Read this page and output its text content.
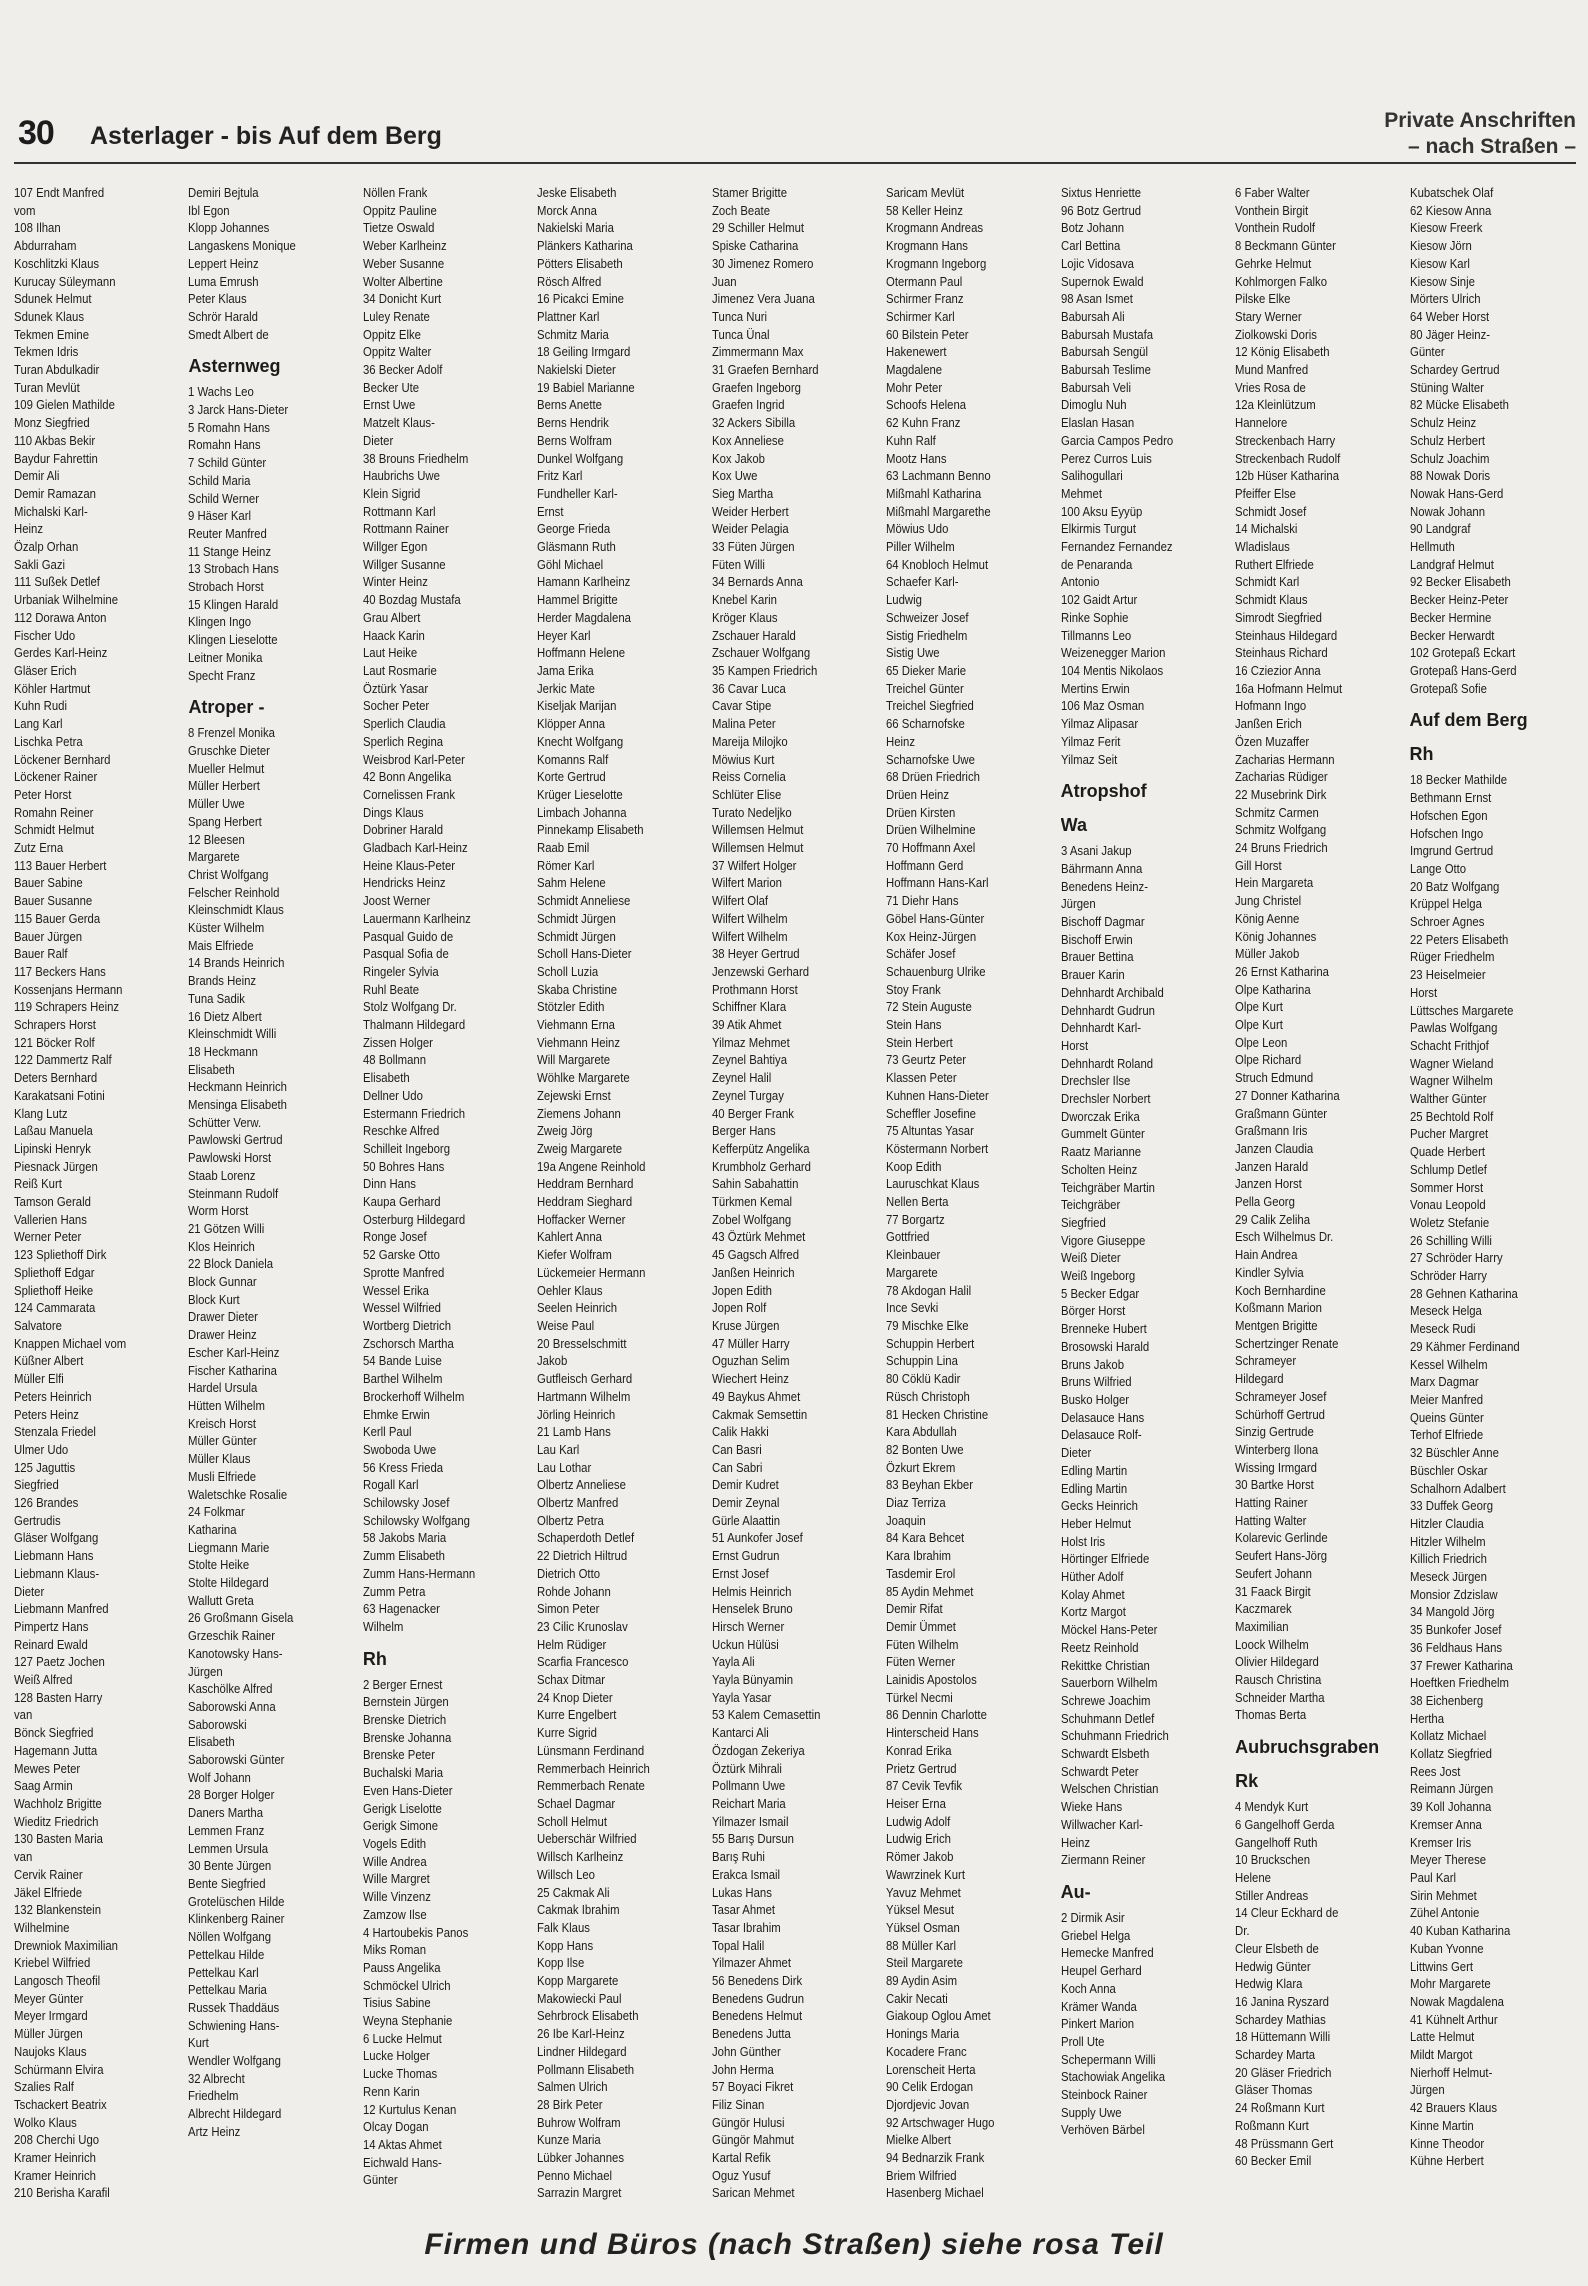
30 Asterlager - bis Auf dem Berg
Private Anschriften
– nach Straßen –
107 Endt Manfred
vom
108 Ilhan
Abdurraham
Koschlitzki Klaus
Kurucay Süleymann
Sdunek Helmut
Sdunek Klaus
Tekmen Emine
Tekmen Idris
Turan Abdulkadir
Turan Mevlüt
109 Gielen Mathilde
Monz Siegfried
110 Akbas Bekir
Baydur Fahrettin
Demir Ali
Demir Ramazan
Michalski Karl-
Heinz
Özalp Orhan
Sakli Gazi
111 Sußek Detlef
Urbaniak Wilhelmine
112 Dorawa Anton
Fischer Udo
Gerdes Karl-Heinz
Gläser Erich
Köhler Hartmut
Kuhn Rudi
Lang Karl
Lischka Petra
Löckener Bernhard
Löckener Rainer
Peter Horst
Romahn Reiner
Schmidt Helmut
Zutz Erna
113 Bauer Herbert
Bauer Sabine
Bauer Susanne
115 Bauer Gerda
Bauer Jürgen
Bauer Ralf
117 Beckers Hans
Kossenjans Hermann
119 Schrapers Heinz
Schrapers Horst
121 Böcker Rolf
122 Dammertz Ralf
Deters Bernhard
Karakatsani Fotini
Klang Lutz
Laßau Manuela
Lipinski Henryk
Piesnack Jürgen
Reiß Kurt
Tamson Gerald
Vallerien Hans
Werner Peter
123 Spliethoff Dirk
Spliethoff Edgar
Spliethoff Heike
124 Cammarata
Salvatore
Knappen Michael vom
Küßner Albert
Müller Elfi
Peters Heinrich
Peters Heinz
Stenzala Friedel
Ulmer Udo
125 Jaguttis
Siegfried
126 Brandes
Gertrudis
Gläser Wolfgang
Liebmann Hans
Liebmann Klaus-
Dieter
Liebmann Manfred
Pimpertz Hans
Reinard Ewald
127 Paetz Jochen
Weiß Alfred
128 Basten Harry
van
Bönck Siegfried
Hagemann Jutta
Mewes Peter
Saag Armin
Wachholz Brigitte
Wieditz Friedrich
130 Basten Maria
van
Cervik Rainer
Jäkel Elfriede
132 Blankenstein
Wilhelmine
Drewniok Maximilian
Kriebel Wilfried
Langosch Theofil
Meyer Günter
Meyer Irmgard
Müller Jürgen
Naujoks Klaus
Schürmann Elvira
Szalies Ralf
Tschackert Beatrix
Wolko Klaus
208 Cherchi Ugo
Kramer Heinrich
Kramer Heinrich
210 Berisha Karafil
Demiri Bejtula
Ibl Egon
Klopp Johannes
Langaskens Monique
Leppert Heinz
Luma Emrush
Peter Klaus
Schrör Harald
Smedt Albert de
Asternweg
1 Wachs Leo
3 Jarck Hans-Dieter
5 Romahn Hans
Romahn Hans
7 Schild Günter
Schild Maria
Schild Werner
9 Häser Karl
Reuter Manfred
11 Stange Heinz
13 Strobach Hans
Strobach Horst
15 Klingen Harald
Klingen Ingo
Klingen Lieselotte
Leitner Monika
Specht Franz
Atroper -
8 Frenzel Monika
Gruschke Dieter
Mueller Helmut
Müller Herbert
Müller Uwe
Spang Herbert
12 Bleesen
Margarete
Christ Wolfgang
Felscher Reinhold
Kleinschmidt Klaus
Küster Wilhelm
Mais Elfriede
14 Brands Heinrich
Brands Heinz
Tuna Sadik
16 Dietz Albert
Kleinschmidt Willi
18 Heckmann
Elisabeth
Heckmann Heinrich
Mensinga Elisabeth
Schütter Verw.
Pawlowski Gertrud
Pawlowski Horst
Staab Lorenz
Steinmann Rudolf
Worm Horst
21 Götzen Willi
Klos Heinrich
22 Block Daniela
Block Gunnar
Block Kurt
Drawer Dieter
Drawer Heinz
Escher Karl-Heinz
Fischer Katharina
Hardel Ursula
Hütten Wilhelm
Kreisch Horst
Müller Günter
Müller Klaus
Musli Elfriede
Waletschke Rosalie
24 Folkmar
Katharina
Liegmann Marie
Stolte Heike
Stolte Hildegard
Wallutt Greta
26 Großmann Gisela
Grzeschik Rainer
Kanotowsky Hans-
Jürgen
Kaschölke Alfred
Saborowski Anna
Saborowski
Elisabeth
Saborowski Günter
Wolf Johann
28 Borger Holger
Daners Martha
Lemmen Franz
Lemmen Ursula
30 Bente Jürgen
Bente Siegfried
Grotelüschen Hilde
Klinkenberg Rainer
Nöllen Wolfgang
Pettelkau Hilde
Pettelkau Karl
Pettelkau Maria
Russek Thaddäus
Schwiening Hans-
Kurt
Wendler Wolfgang
32 Albrecht
Friedhelm
Albrecht Hildegard
Artz Heinz
Nöllen Frank
Oppitz Pauline
Tietze Oswald
Weber Karlheinz
Weber Susanne
Wolter Albertine
34 Donicht Kurt
Luley Renate
Oppitz Elke
Oppitz Walter
36 Becker Adolf
Becker Ute
Ernst Uwe
Matzelt Klaus-
Dieter
38 Brouns Friedhelm
Haubrichs Uwe
Klein Sigrid
Rottmann Karl
Rottmann Rainer
Willger Egon
Willger Susanne
Winter Heinz
40 Bozdag Mustafa
Grau Albert
Haack Karin
Laut Heike
Laut Rosmarie
Öztürk Yasar
Socher Peter
Sperlich Claudia
Sperlich Regina
Weisbrod Karl-Peter
42 Bonn Angelika
Cornelissen Frank
Dings Klaus
Dobriner Harald
Gladbach Karl-Heinz
Heine Klaus-Peter
Hendricks Heinz
Joost Werner
Lauermann Karlheinz
Pasqual Guido de
Pasqual Sofia de
Ringeler Sylvia
Ruhl Beate
Stolz Wolfgang Dr.
Thalmann Hildegard
Zissen Holger
48 Bollmann
Elisabeth
Dellner Udo
Estermann Friedrich
Reschke Alfred
Schilleit Ingeborg
50 Bohres Hans
Dinn Hans
Kaupa Gerhard
Osterburg Hildegard
Ronge Josef
52 Garske Otto
Sprotte Manfred
Wessel Erika
Wessel Wilfried
Wortberg Dietrich
Zschorsch Martha
54 Bande Luise
Barthel Wilhelm
Brockerhoff Wilhelm
Ehmke Erwin
Kerll Paul
Swoboda Uwe
56 Kress Frieda
Rogall Karl
Schilowsky Josef
Schilowsky Wolfgang
58 Jakobs Maria
Zumm Elisabeth
Zumm Hans-Hermann
Zumm Petra
63 Hagenacker
Wilhelm
Rh
2 Berger Ernest
Bernstein Jürgen
Brenske Dietrich
Brenske Johanna
Brenske Peter
Buchalski Maria
Even Hans-Dieter
Gerigk Liselotte
Gerigk Simone
Vogels Edith
Wille Andrea
Wille Margret
Wille Vinzenz
Zamzow Ilse
4 Hartoubekis Panos
Miks Roman
Pauss Angelika
Schmöckel Ulrich
Tisius Sabine
Weyna Stephanie
6 Lucke Helmut
Lucke Holger
Lucke Thomas
Renn Karin
12 Kurtulus Kenan
Olcay Dogan
14 Aktas Ahmet
Eichwald Hans-
Günter
Jeske Elisabeth
Morck Anna
Nakielski Maria
Plänkers Katharina
Pötters Elisabeth
Rösch Alfred
16 Picakci Emine
Plattner Karl
Schmitz Maria
18 Geiling Irmgard
Nakielski Dieter
19 Babiel Marianne
Berns Anette
Berns Hendrik
Berns Wolfram
Dunkel Wolfgang
Fritz Karl
Fundheller Karl-
Ernst
George Frieda
Gläsmann Ruth
Göhl Michael
Hamann Karlheinz
Hammel Brigitte
Herder Magdalena
Heyer Karl
Hoffmann Helene
Jama Erika
Jerkic Mate
Kiseljak Marijan
Klöpper Anna
Knecht Wolfgang
Komanns Ralf
Korte Gertrud
Krüger Lieselotte
Limbach Johanna
Pinnekamp Elisabeth
Raab Emil
Römer Karl
Sahm Helene
Schmidt Anneliese
Schmidt Jürgen
Schmidt Jürgen
Scholl Hans-Dieter
Scholl Luzia
Skaba Christine
Stötzler Edith
Viehmann Erna
Viehmann Heinz
Will Margarete
Wöhlke Margarete
Zejewski Ernst
Ziemens Johann
Zweig Jörg
Zweig Margarete
19a Angene Reinhold
Heddram Bernhard
Heddram Sieghard
Hoffacker Werner
Kahlert Anna
Kiefer Wolfram
Lückemeier Hermann
Oehler Klaus
Seelen Heinrich
Weise Paul
20 Bresselschmitt
Jakob
Gutfleisch Gerhard
Hartmann Wilhelm
Jörling Heinrich
21 Lamb Hans
Lau Karl
Lau Lothar
Olbertz Anneliese
Olbertz Manfred
Olbertz Petra
Schaperdoth Detlef
22 Dietrich Hiltrud
Dietrich Otto
Rohde Johann
Simon Peter
23 Cilic Krunoslav
Helm Rüdiger
Scarfia Francesco
Schax Ditmar
24 Knop Dieter
Kurre Engelbert
Kurre Sigrid
Lünsmann Ferdinand
Remmerbach Heinrich
Remmerbach Renate
Schael Dagmar
Scholl Helmut
Ueberschär Wilfried
Willsch Karlheinz
Willsch Leo
25 Cakmak Ali
Cakmak Ibrahim
Falk Klaus
Kopp Hans
Kopp Ilse
Kopp Margarete
Makowiecki Paul
Sehrbrock Elisabeth
26 Ibe Karl-Heinz
Lindner Hildegard
Pollmann Elisabeth
Salmen Ulrich
28 Birk Peter
Buhrow Wolfram
Kunze Maria
Lübker Johannes
Penno Michael
Sarrazin Margret
Stamer Brigitte
Zoch Beate
29 Schiller Helmut
Spiske Catharina
30 Jimenez Romero
Juan
Jimenez Vera Juana
Tunca Nuri
Tunca Ünal
Zimmermann Max
31 Graefen Bernhard
Graefen Ingeborg
Graefen Ingrid
32 Ackers Sibilla
Kox Anneliese
Kox Jakob
Kox Uwe
Sieg Martha
Weider Herbert
Weider Pelagia
33 Füten Jürgen
Füten Willi
34 Bernards Anna
Knebel Karin
Kröger Klaus
Zschauer Harald
Zschauer Wolfgang
35 Kampen Friedrich
36 Cavar Luca
Cavar Stipe
Malina Peter
Mareija Milojko
Möwius Kurt
Reiss Cornelia
Schlüter Elise
Turato Nedeljko
Willemsen Helmut
Willemsen Helmut
37 Wilfert Holger
Wilfert Marion
Wilfert Olaf
Wilfert Wilhelm
Wilfert Wilhelm
38 Heyer Gertrud
Jenzewski Gerhard
Prothmann Horst
Schiffner Klara
39 Atik Ahmet
Yilmaz Mehmet
Zeynel Bahtiya
Zeynel Halil
Zeynel Turgay
40 Berger Frank
Berger Hans
Kefferpütz Angelika
Krumbholz Gerhard
Sahin Sabahattin
Türkmen Kemal
Zobel Wolfgang
43 Öztürk Mehmet
45 Gagsch Alfred
Janßen Heinrich
Jopen Edith
Jopen Rolf
Kruse Jürgen
47 Müller Harry
Oguzhan Selim
Wiechert Heinz
49 Baykus Ahmet
Cakmak Semsettin
Calik Hakki
Can Basri
Can Sabri
Demir Kudret
Demir Zeynal
Gürle Alaattin
51 Aunkofer Josef
Ernst Gudrun
Ernst Josef
Helmis Heinrich
Henselek Bruno
Hirsch Werner
Uckun Hülüsi
Yayla Ali
Yayla Bünyamin
Yayla Yasar
53 Kalem Cemasettin
Kantarci Ali
Özdogan Zekeriya
Öztürk Mihrali
Pollmann Uwe
Reichart Maria
Yilmazer Ismail
55 Barış Dursun
Barış Ruhi
Erakca Ismail
Lukas Hans
Tasar Ahmet
Tasar Ibrahim
Topal Halil
Yilmazer Ahmet
56 Benedens Dirk
Benedens Gudrun
Benedens Helmut
Benedens Jutta
John Günther
John Herma
57 Boyaci Fikret
Filiz Sinan
Güngör Hulusi
Güngör Mahmut
Kartal Refik
Oguz Yusuf
Sarican Mehmet
Saricam Mevlüt
58 Keller Heinz
Krogmann Andreas
Krogmann Hans
Krogmann Ingeborg
Otermann Paul
Schirmer Franz
Schirmer Karl
60 Bilstein Peter
Hakenewert
Magdalene
Mohr Peter
Schoofs Helena
62 Kuhn Franz
Kuhn Ralf
Mootz Hans
63 Lachmann Benno
Mißmahl Katharina
Mißmahl Margarethe
Möwius Udo
Piller Wilhelm
64 Knobloch Helmut
Schaefer Karl-
Ludwig
Schweizer Josef
Sistig Friedhelm
Sistig Uwe
65 Dieker Marie
Treichel Günter
Treichel Siegfried
66 Scharnofske
Heinz
Scharnofske Uwe
68 Drüen Friedrich
Drüen Heinz
Drüen Kirsten
Drüen Wilhelmine
70 Hoffmann Axel
Hoffmann Gerd
Hoffmann Hans-Karl
71 Diehr Hans
Göbel Hans-Günter
Kox Heinz-Jürgen
Schäfer Josef
Schauenburg Ulrike
Stoy Frank
72 Stein Auguste
Stein Hans
Stein Herbert
73 Geurtz Peter
Klassen Peter
Kuhnen Hans-Dieter
Scheffler Josefine
75 Altuntas Yasar
Köstermann Norbert
Koop Edith
Lauruschkat Klaus
Nellen Berta
77 Borgartz
Gottfried
Kleinbauer
Margarete
78 Akdogan Halil
Ince Sevki
79 Mischke Elke
Schuppin Herbert
Schuppin Lina
80 Cöklü Kadir
Rüsch Christoph
81 Hecken Christine
Kara Abdullah
82 Bonten Uwe
Özkurt Ekrem
83 Beyhan Ekber
Diaz Terriza
Joaquin
84 Kara Behcet
Kara Ibrahim
Tasdemir Erol
85 Aydin Mehmet
Demir Rifat
Demir Ümmet
Füten Wilhelm
Füten Werner
Lainidis Apostolos
Türkel Necmi
86 Dennin Charlotte
Hinterscheid Hans
Konrad Erika
Prietz Gertrud
87 Cevik Tevfik
Heiser Erna
Ludwig Adolf
Ludwig Erich
Römer Jakob
Wawrzinek Kurt
Yavuz Mehmet
Yüksel Mesut
Yüksel Osman
88 Müller Karl
Steil Margarete
89 Aydin Asim
Cakir Necati
Giakoup Oglou Amet
Honings Maria
Kocadere Franc
Lorenscheit Herta
90 Celik Erdogan
Djordjevic Jovan
92 Artschwager Hugo
Mielke Albert
94 Bednarzik Frank
Briem Wilfried
Hasenberg Michael
Sixtus Henriette
96 Botz Gertrud
Botz Johann
Carl Bettina
Lojic Vidosava
Supernok Ewald
98 Asan Ismet
Babursah Ali
Babursah Mustafa
Babursah Sengül
Babursah Teslime
Babursah Veli
Dimoglu Nuh
Elaslan Hasan
Garcia Campos Pedro
Perez Curros Luis
Salihogullari
Mehmet
100 Aksu Eyyüp
Elkirmis Turgut
Fernandez Fernandez
de Penaranda
Antonio
102 Gaidt Artur
Rinke Sophie
Tillmanns Leo
Weizenegger Marion
104 Mentis Nikolaos
Mertins Erwin
106 Maz Osman
Yilmaz Alipasar
Yilmaz Ferit
Yilmaz Seit
Atropshof
Wa
3 Asani Jakup
Bährmann Anna
Benedens Heinz-
Jürgen
Bischoff Dagmar
Bischoff Erwin
Brauer Bettina
Brauer Karin
Dehnhardt Archibald
Dehnhardt Gudrun
Dehnhardt Karl-
Horst
Dehnhardt Roland
Drechsler Ilse
Drechsler Norbert
Dworczak Erika
Gummelt Günter
Raatz Marianne
Scholten Heinz
Teichgräber Martin
Teichgräber
Siegfried
Vigore Giuseppe
Weiß Dieter
Weiß Ingeborg
5 Becker Edgar
Börger Horst
Brenneke Hubert
Brosowski Harald
Bruns Jakob
Bruns Wilfried
Busko Holger
Delasauce Hans
Delasauce Rolf-
Dieter
Edling Martin
Edling Martin
Gecks Heinrich
Heber Helmut
Holst Iris
Hörtinger Elfriede
Hüther Adolf
Kolay Ahmet
Kortz Margot
Möckel Hans-Peter
Reetz Reinhold
Rekittke Christian
Sauerborn Wilhelm
Schrewe Joachim
Schuhmann Detlef
Schuhmann Friedrich
Schwardt Elsbeth
Schwardt Peter
Welschen Christian
Wieke Hans
Willwacher Karl-
Heinz
Ziermann Reiner
Au-
2 Dirmik Asir
Griebel Helga
Hemecke Manfred
Heupel Gerhard
Koch Anna
Krämer Wanda
Pinkert Marion
Proll Ute
Schepermann Willi
Stachowiak Angelika
Steinbock Rainer
Supply Uwe
Verhöven Bärbel
6 Faber Walter
Vonthein Birgit
Vonthein Rudolf
8 Beckmann Günter
Gehrke Helmut
Kohlmorgen Falko
Pilske Elke
Stary Werner
Ziolkowski Doris
12 König Elisabeth
Mund Manfred
Vries Rosa de
12a Kleinlützum
Hannelore
Streckenbach Harry
Streckenbach Rudolf
12b Hüser Katharina
Pfeiffer Else
Schmidt Josef
14 Michalski
Wladislaus
Ruthert Elfriede
Schmidt Karl
Schmidt Klaus
Simrodt Siegfried
Steinhaus Hildegard
Steinhaus Richard
16 Cziezior Anna
16a Hofmann Helmut
Hofmann Ingo
Janßen Erich
Özen Muzaffer
Zacharias Hermann
Zacharias Rüdiger
22 Musebrink Dirk
Schmitz Carmen
Schmitz Wolfgang
24 Bruns Friedrich
Gill Horst
Hein Margareta
Jung Christel
König Aenne
König Johannes
Müller Jakob
26 Ernst Katharina
Olpe Katharina
Olpe Kurt
Olpe Kurt
Olpe Leon
Olpe Richard
Struch Edmund
27 Donner Katharina
Graßmann Günter
Graßmann Iris
Janzen Claudia
Janzen Harald
Janzen Horst
Pella Georg
29 Calik Zeliha
Esch Wilhelmus Dr.
Hain Andrea
Kindler Sylvia
Koch Bernhardine
Koßmann Marion
Mentgen Brigitte
Schertzinger Renate
Schrameyer
Hildegard
Schrameyer Josef
Schürhoff Gertrud
Sinzig Gertrude
Winterberg Ilona
Wissing Irmgard
30 Bartke Horst
Hatting Rainer
Hatting Walter
Kolarevic Gerlinde
Seufert Hans-Jörg
Seufert Johann
31 Faack Birgit
Kaczmarek
Maximilian
Loock Wilhelm
Olivier Hildegard
Rausch Christina
Schneider Martha
Thomas Berta
Aubruchsgraben
Rk
4 Mendyk Kurt
6 Gangelhoff Gerda
Gangelhoff Ruth
10 Bruckschen
Helene
Stiller Andreas
14 Cleur Eckhard de
Dr.
Cleur Elsbeth de
Hedwig Günter
Hedwig Klara
16 Janina Ryszard
Schardey Mathias
18 Hüttemann Willi
Schardey Marta
20 Gläser Friedrich
Gläser Thomas
24 Roßmann Kurt
Roßmann Kurt
48 Prüssmann Gert
60 Becker Emil
Kubatschek Olaf
62 Kiesow Anna
Kiesow Freerk
Kiesow Jörn
Kiesow Karl
Kiesow Sinje
Mörters Ulrich
64 Weber Horst
80 Jäger Heinz-
Günter
Schardey Gertrud
Stüning Walter
82 Mücke Elisabeth
Schulz Heinz
Schulz Herbert
Schulz Joachim
88 Nowak Doris
Nowak Hans-Gerd
Nowak Johann
90 Landgraf
Hellmuth
Landgraf Helmut
92 Becker Elisabeth
Becker Heinz-Peter
Becker Hermine
Becker Herwardt
102 Grotepaß Eckart
Grotepaß Hans-Gerd
Grotepaß Sofie
Auf dem Berg
Rh
18 Becker Mathilde
Bethmann Ernst
Hofschen Egon
Hofschen Ingo
Imgrund Gertrud
Lange Otto
20 Batz Wolfgang
Krüppel Helga
Schroer Agnes
22 Peters Elisabeth
Rüger Friedhelm
23 Heiselmeier
Horst
Lüttsches Margarete
Pawlas Wolfgang
Schacht Frithjof
Wagner Wieland
Wagner Wilhelm
Walther Günter
25 Bechtold Rolf
Pucher Margret
Quade Herbert
Schlump Detlef
Sommer Horst
Vonau Leopold
Woletz Stefanie
26 Schilling Willi
27 Schröder Harry
Schröder Harry
28 Gehnen Katharina
Meseck Helga
Meseck Rudi
29 Kähmer Ferdinand
Kessel Wilhelm
Marx Dagmar
Meier Manfred
Queins Günter
Terhof Elfriede
32 Büschler Anne
Büschler Oskar
Schalhorn Adalbert
33 Duffek Georg
Hitzler Claudia
Hitzler Wilhelm
Killich Friedrich
Meseck Jürgen
Monsior Zdzislaw
34 Mangold Jörg
35 Bunkofer Josef
36 Feldhaus Hans
37 Frewer Katharina
Hoeftken Friedhelm
38 Eichenberg
Hertha
Kollatz Michael
Kollatz Siegfried
Rees Jost
Reimann Jürgen
39 Koll Johanna
Kremser Anna
Kremser Iris
Meyer Therese
Paul Karl
Sirin Mehmet
Zühel Antonie
40 Kuban Katharina
Kuban Yvonne
Littwins Gert
Mohr Margarete
Nowak Magdalena
41 Kühnelt Arthur
Latte Helmut
Mildt Margot
Nierhoff Helmut-
Jürgen
42 Brauers Klaus
Kinne Martin
Kinne Theodor
Kühne Herbert
Firmen und Büros (nach Straßen) siehe rosa Teil
